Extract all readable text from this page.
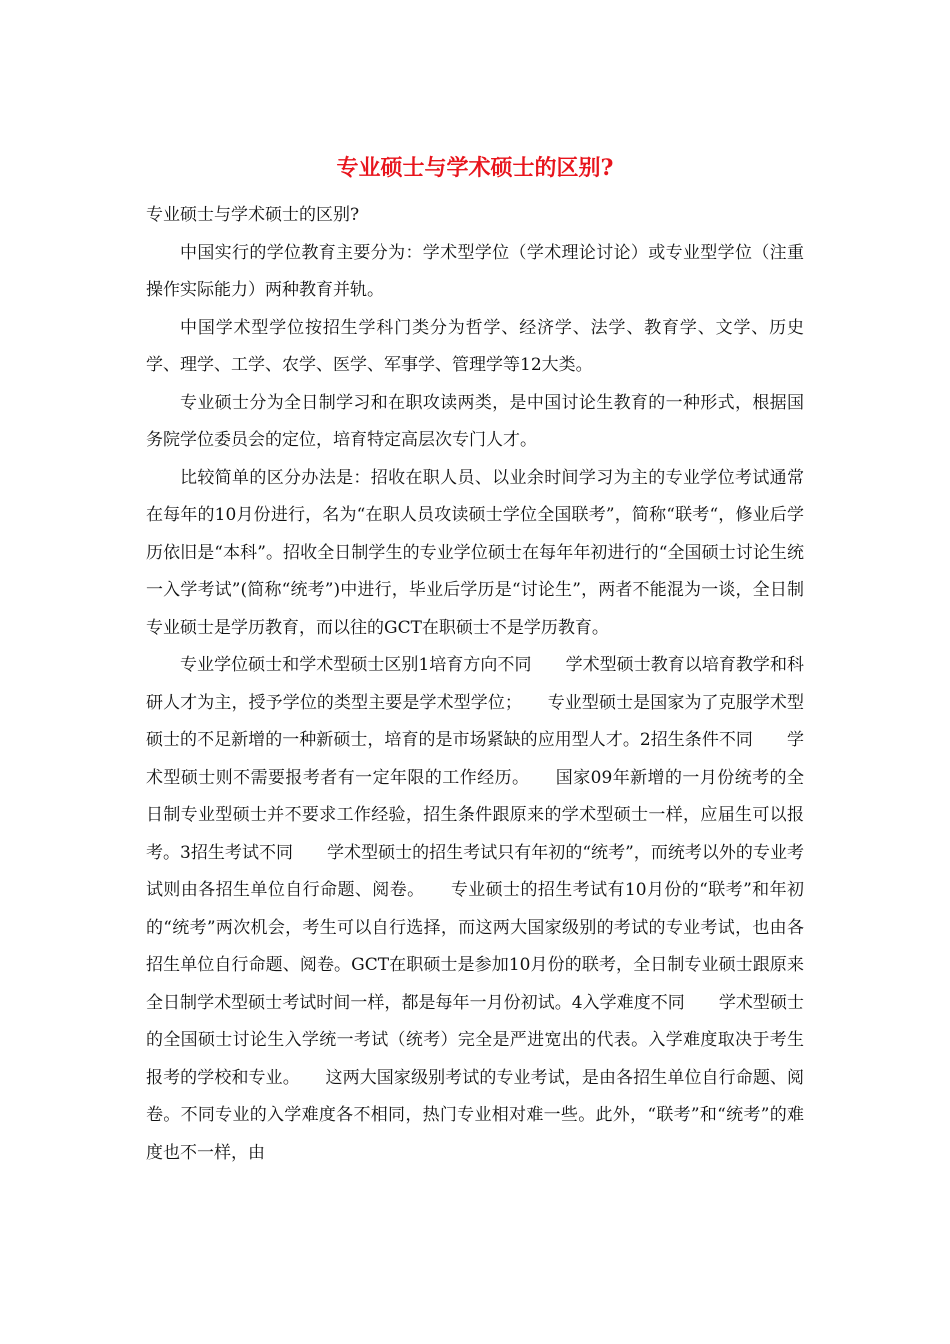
专业硕士与学术硕士的区别?

专业硕士与学术硕士的区别?

中国实行的学位教育主要分为：学术型学位（学术理论讨论）或专业型学位（注重操作实际能力）两种教育并轨。

中国学术型学位按招生学科门类分为哲学、经济学、法学、教育学、文学、历史学、理学、工学、农学、医学、军事学、管理学等12大类。

专业硕士分为全日制学习和在职攻读两类，是中国讨论生教育的一种形式，根据国务院学位委员会的定位，培育特定高层次专门人才。

比较简单的区分办法是：招收在职人员、以业余时间学习为主的专业学位考试通常在每年的10月份进行，名为“在职人员攻读硕士学位全国联考”，简称“联考“，修业后学历依旧是“本科”。招收全日制学生的专业学位硕士在每年年初进行的“全国硕士讨论生统一入学考试”(简称“统考”)中进行，毕业后学历是“讨论生”，两者不能混为一谈，全日制专业硕士是学历教育，而以往的GCT在职硕士不是学历教育。

专业学位硕士和学术型硕士区别1培育方向不同　　学术型硕士教育以培育教学和科研人才为主，授予学位的类型主要是学术型学位；　　专业型硕士是国家为了克服学术型硕士的不足新增的一种新硕士，培育的是市场紧缺的应用型人才。2招生条件不同　　学术型硕士则不需要报考者有一定年限的工作经历。　　国家09年新增的一月份统考的全日制专业型硕士并不要求工作经验，招生条件跟原来的学术型硕士一样，应届生可以报考。3招生考试不同　　学术型硕士的招生考试只有年初的“统考”，而统考以外的专业考试则由各招生单位自行命题、阅卷。　　专业硕士的招生考试有10月份的“联考”和年初的“统考”两次机会，考生可以自行选择，而这两大国家级别的考试的专业考试，也由各招生单位自行命题、阅卷。GCT在职硕士是参加10月份的联考，全日制专业硕士跟原来全日制学术型硕士考试时间一样，都是每年一月份初试。4入学难度不同　　学术型硕士的全国硕士讨论生入学统一考试（统考）完全是严进宽出的代表。入学难度取决于考生报考的学校和专业。　　这两大国家级别考试的专业考试，是由各招生单位自行命题、阅卷。不同专业的入学难度各不相同，热门专业相对难一些。此外，“联考”和“统考”的难度也不一样，由
